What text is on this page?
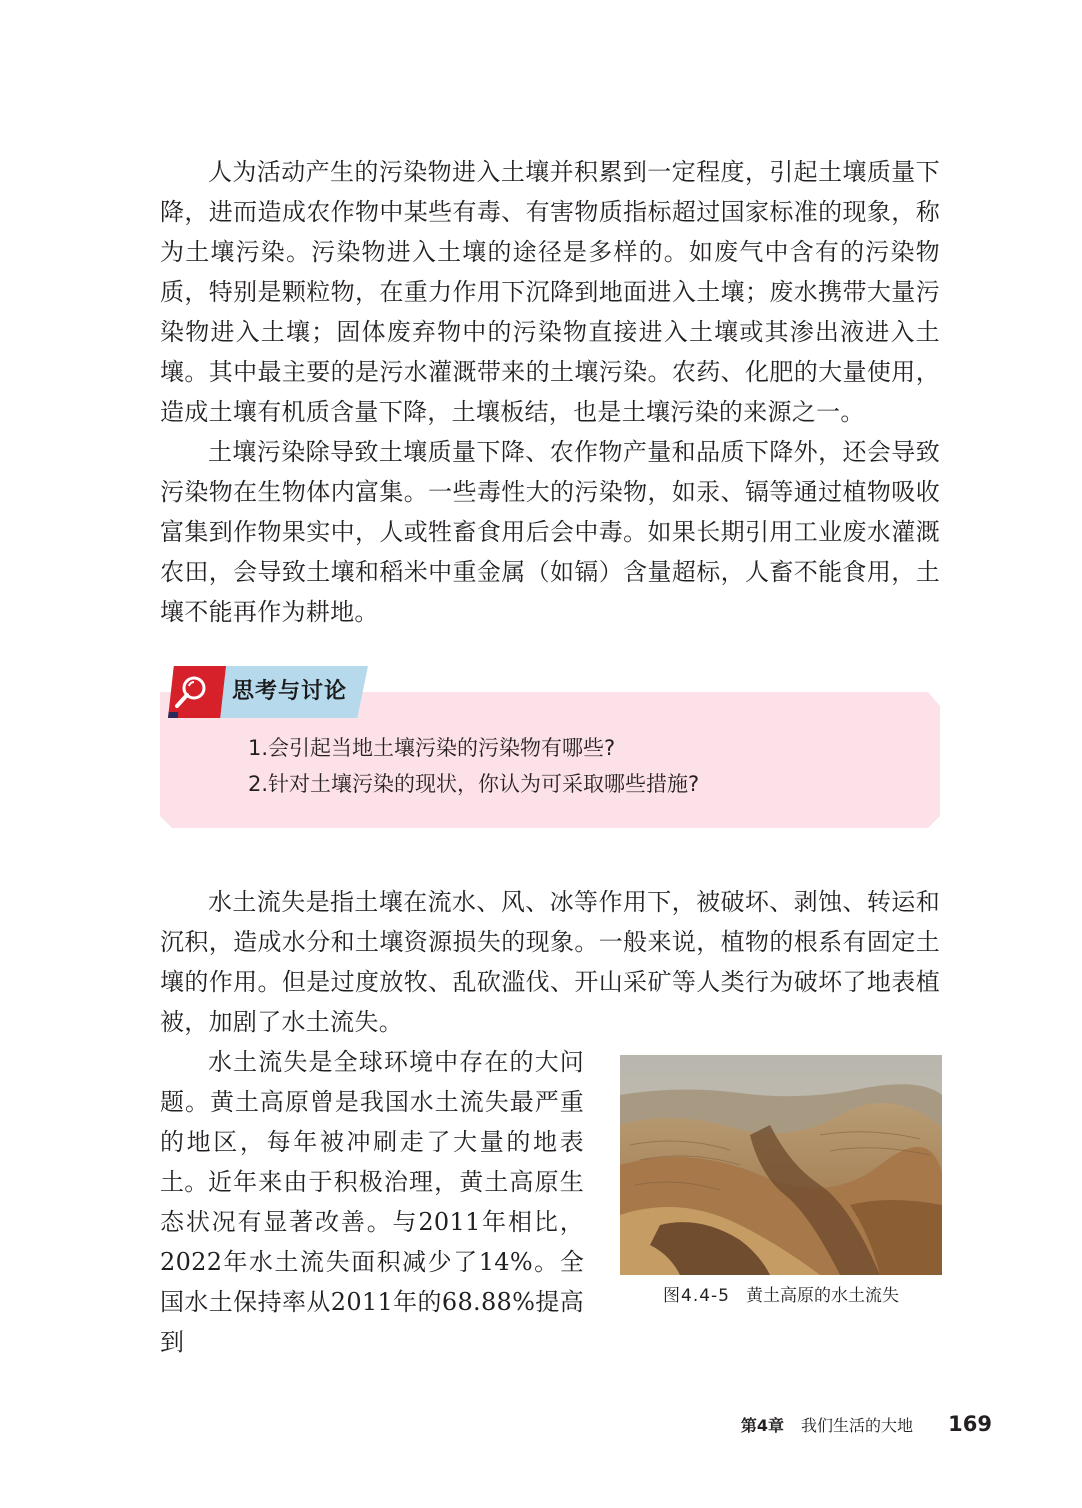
人为活动产生的污染物进入土壤并积累到一定程度，引起土壤质量下降，进而造成农作物中某些有毒、有害物质指标超过国家标准的现象，称为土壤污染。污染物进入土壤的途径是多样的。如废气中含有的污染物质，特别是颗粒物，在重力作用下沉降到地面进入土壤；废水携带大量污染物进入土壤；固体废弃物中的污染物直接进入土壤或其渗出液进入土壤。其中最主要的是污水灌溉带来的土壤污染。农药、化肥的大量使用，造成土壤有机质含量下降，土壤板结，也是土壤污染的来源之一。

土壤污染除导致土壤质量下降、农作物产量和品质下降外，还会导致污染物在生物体内富集。一些毒性大的污染物，如汞、镉等通过植物吸收富集到作物果实中，人或牲畜食用后会中毒。如果长期引用工业废水灌溉农田，会导致土壤和稻米中重金属（如镉）含量超标，人畜不能食用，土壤不能再作为耕地。

思考与讨论
1.会引起当地土壤污染的污染物有哪些?
2.针对土壤污染的现状，你认为可采取哪些措施?

水土流失是指土壤在流水、风、冰等作用下，被破坏、剥蚀、转运和沉积，造成水分和土壤资源损失的现象。一般来说，植物的根系有固定土壤的作用。但是过度放牧、乱砍滥伐、开山采矿等人类行为破坏了地表植被，加剧了水土流失。

水土流失是全球环境中存在的大问题。黄土高原曾是我国水土流失最严重的地区，每年被冲刷走了大量的地表土。 近年来由于积极治理，黄土高原生态状况有显著改善。与2011年相比，2022年水土流失面积减少了14%。全国水土保持率从2011年的68.88%提高到

图4.4-5 黄土高原的水土流失
第4章 我们生活的大地 169
